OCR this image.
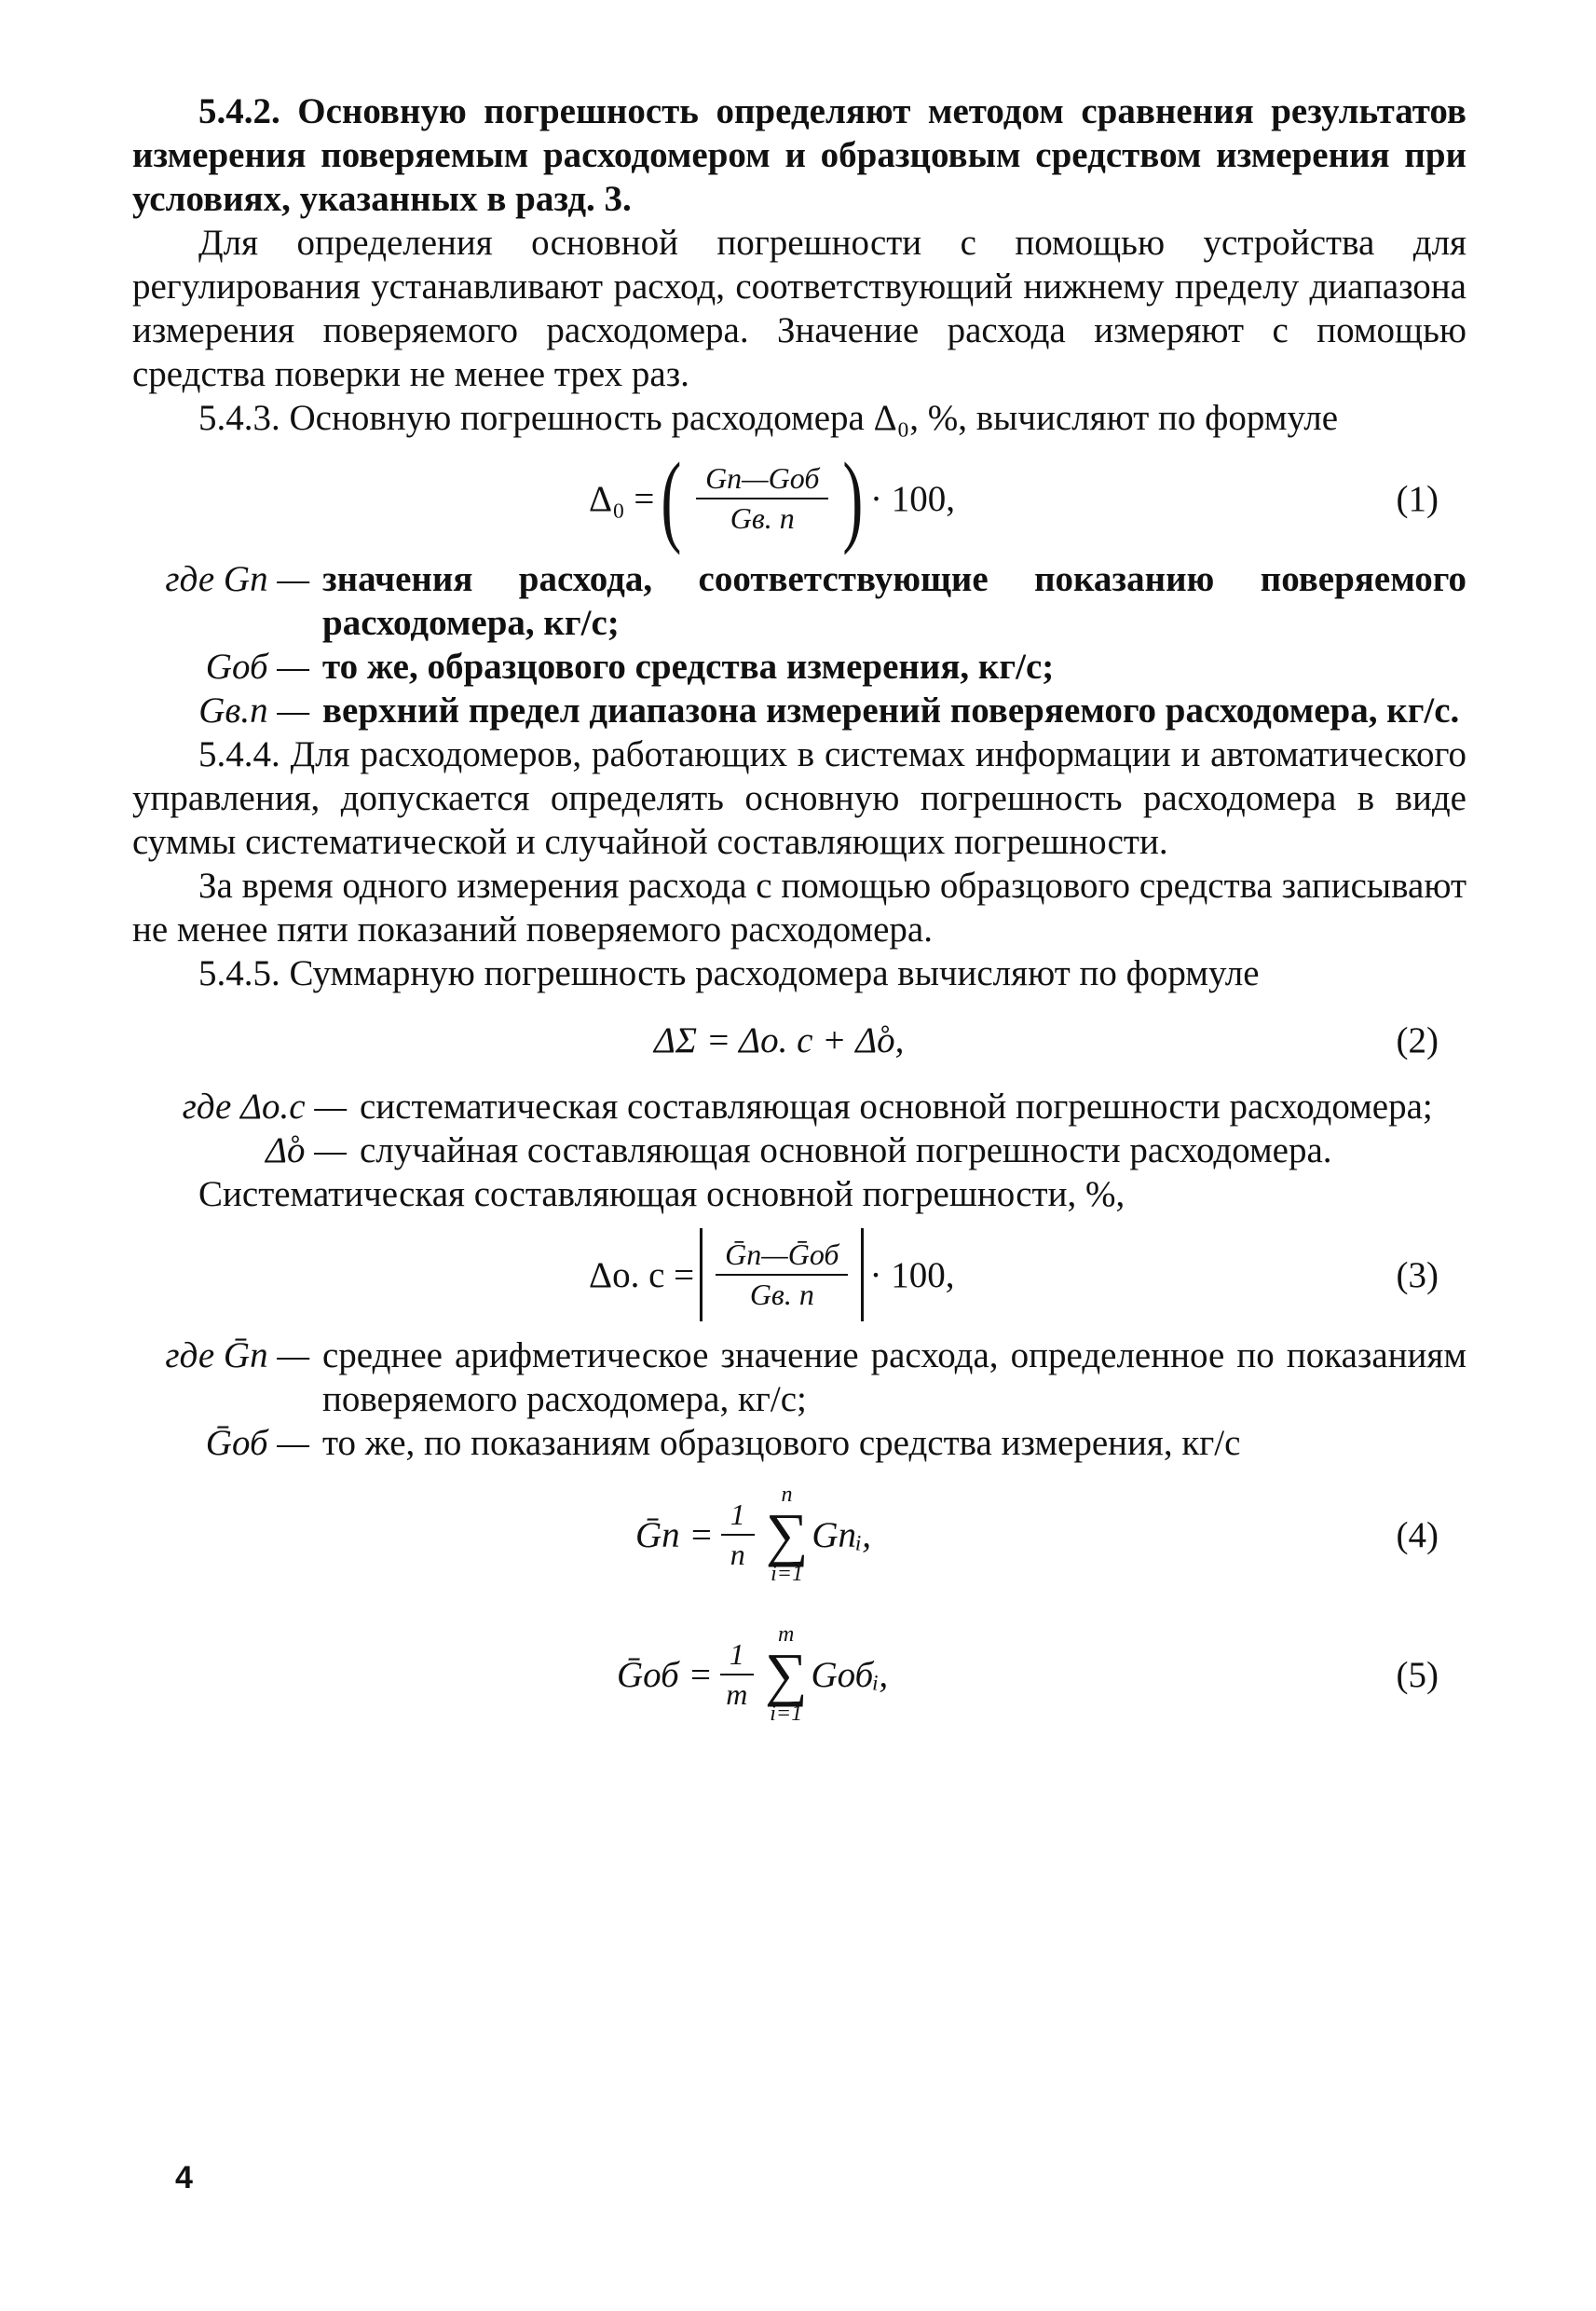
5.4.2. Основную погрешность определяют методом сравнения результатов измерения поверяемым расходомером и образцовым средством измерения при условиях, указанных в разд. 3.

Для определения основной погрешности с помощью устройства для регулирования устанавливают расход, соответствующий нижнему пределу диапазона измерения поверяемого расходомера. Значение расхода измеряют с помощью средства поверки не менее трех раз.

5.4.3. Основную погрешность расходомера Δ₀, %, вычисляют по формуле

Δ₀ = ( $\frac{\text{Gп—Gоб}}{Gв. п}$ ) · 100,	(1)
где Gп — значения расхода, соответствующие показанию поверяемого расходомера, кг/с;
Gоб — то же, образцового средства измерения, кг/с;
Gв.п — верхний предел диапазона измерений поверяемого расходомера, кг/с.

5.4.4. Для расходомеров, работающих в системах информации и автоматического управления, допускается определять основную погрешность расходомера в виде суммы систематической и случайной составляющих погрешности.

За время одного измерения расхода с помощью образцового средства записывают не менее пяти показаний поверяемого расходомера.

5.4.5. Суммарную погрешность расходомера вычисляют по формуле

ΔΣ = Δо. с + Δ̊о,	(2)
где Δо.с — систематическая составляющая основной погрешности расходомера;
Δ̊о — случайная составляющая основной погрешности расходомера.

Систематическая составляющая основной погрешности, %,

Δо. $с = \frac{\text{Ḡп—Ḡоб}}{Gв. п} \cdot 100$,	(3)
где Ḡп — среднее арифметическое значение расхода, определенное по показаниям поверяемого расходомера, кг/с;
Ḡоб — то же, по показаниям образцового средства измерения, кг/с
Ḡп = $\frac{1}{n}$
n
∑
i=1
Gпᵢ,	(4)
Ḡоб = $\frac{1}{m}$
m
∑
i=1
Gобᵢ,	(5)
4
